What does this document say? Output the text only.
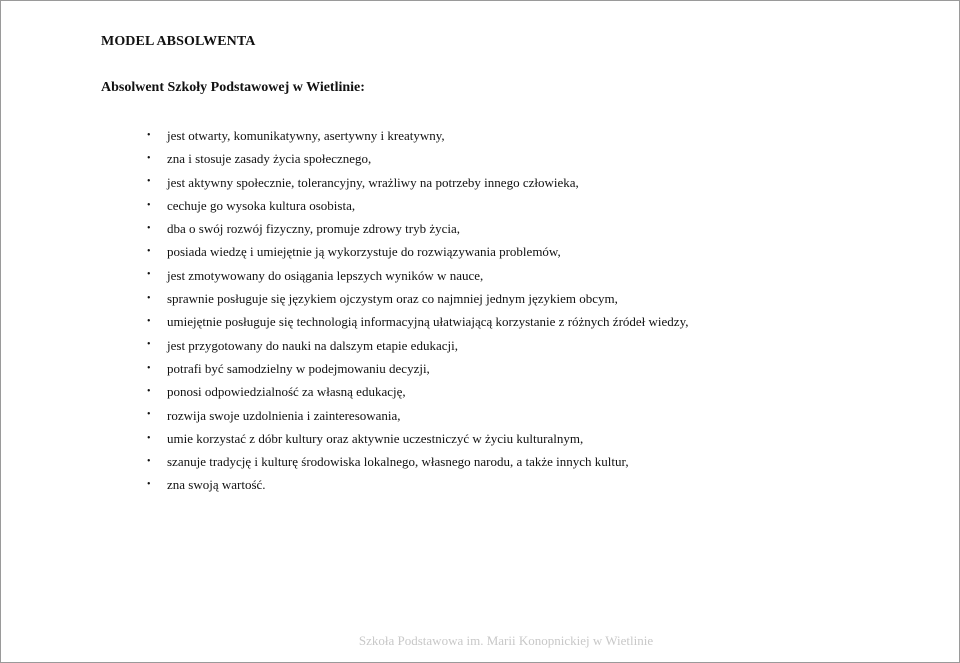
MODEL ABSOLWENTA
Absolwent Szkoły Podstawowej w Wietlinie:
•	jest otwarty, komunikatywny, asertywny i kreatywny,
•	zna i stosuje zasady życia społecznego,
•	jest aktywny społecznie, tolerancyjny, wrażliwy na potrzeby innego człowieka,
•	cechuje go wysoka kultura osobista,
•	dba o swój rozwój fizyczny, promuje zdrowy tryb życia,
•	posiada wiedzę i umiejętnie ją wykorzystuje do rozwiązywania problemów,
•	jest zmotywowany do osiągania lepszych wyników w nauce,
•	sprawnie posługuje się językiem ojczystym oraz co najmniej jednym językiem obcym,
•	umiejętnie posługuje się technologią informacyjną ułatwiającą korzystanie z różnych źródeł wiedzy,
•	jest przygotowany do nauki na dalszym etapie edukacji,
•	potrafi być samodzielny w podejmowaniu decyzji,
•	ponosi odpowiedzialność za własną edukację,
•	rozwija swoje uzdolnienia i zainteresowania,
•	umie korzystać z dóbr kultury oraz aktywnie uczestniczyć w życiu kulturalnym,
•	szanuje tradycję i kulturę środowiska lokalnego, własnego narodu, a także innych kultur,
•	zna swoją wartość.
Szkoła Podstawowa im. Marii Konopnickiej w Wietlinie
